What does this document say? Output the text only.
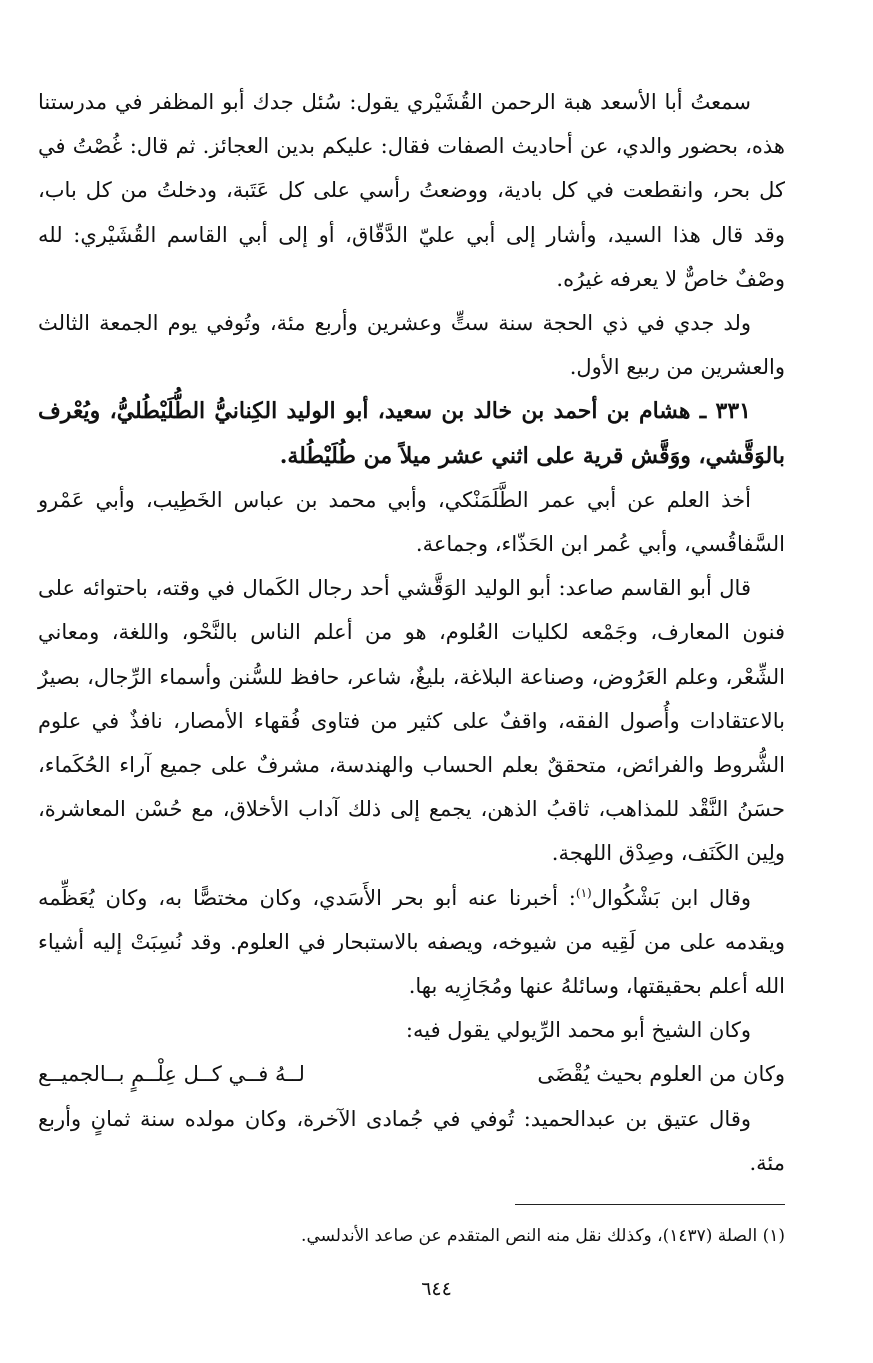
سمعتُ أبا الأسعد هبة الرحمن القُشَيْري يقول: سُئل جدك أبو المظفر في مدرستنا هذه، بحضور والدي، عن أحاديث الصفات فقال: عليكم بدين العجائز. ثم قال: غُصْتُ في كل بحر، وانقطعت في كل بادية، ووضعتُ رأسي على كل عَتَبة، ودخلتُ من كل باب، وقد قال هذا السيد، وأشار إلى أبي عليّ الدَّقّاق، أو إلى أبي القاسم القُشَيْري: لله وصْفٌ خاصٌّ لا يعرفه غيرُه.

ولد جدي في ذي الحجة سنة ستٍّ وعشرين وأربع مئة، وتُوفي يوم الجمعة الثالث والعشرين من ربيع الأول.

٣٣١ ـ هشام بن أحمد بن خالد بن سعيد، أبو الوليد الكِنانيُّ الطُّلَيْطُليُّ، ويُعْرف بالوَقَّشي، ووَقَّش قرية على اثني عشر ميلاً من طُلَيْطُلة.

أخذ العلم عن أبي عمر الطَّلَمَنْكي، وأبي محمد بن عباس الخَطِيب، وأبي عَمْرو السَّفاقُسي، وأبي عُمر ابن الحَذّاء، وجماعة.

قال أبو القاسم صاعد: أبو الوليد الوَقَّشي أحد رجال الكَمال في وقته، باحتوائه على فنون المعارف، وجَمْعه لكليات العُلوم، هو من أعلم الناس بالنَّحْو، واللغة، ومعاني الشِّعْر، وعلم العَرُوض، وصناعة البلاغة، بليغٌ، شاعر، حافظ للسُّنن وأسماء الرِّجال، بصيرٌ بالاعتقادات وأُصول الفقه، واقفٌ على كثير من فتاوى فُقهاء الأمصار، نافذٌ في علوم الشُّروط والفرائض، متحققٌ بعلم الحساب والهندسة، مشرفٌ على جميع آراء الحُكَماء، حسَنُ النَّقْد للمذاهب، ثاقبُ الذهن، يجمع إلى ذلك آداب الأخلاق، مع حُسْن المعاشرة، ولِين الكَنَف، وصِدْق اللهجة.

وقال ابن بَشْكُوال$^{(١)}$: أخبرنا عنه أبو بحر الأَسَدي، وكان مختصًّا به، وكان يُعَظِّمه ويقدمه على من لَقِيه من شيوخه، ويصفه بالاستبحار في العلوم. وقد نُسِبَتْ إليه أشياء الله أعلم بحقيقتها، وسائلهُ عنها ومُجَازِيه بها.

وكان الشيخ أبو محمد الرِّيولي يقول فيه:

وكان من العلوم بحيث يُقْضَى
لــهُ فــي كــل عِلْــمٍ بــالجميــع

وقال عتيق بن عبدالحميد: تُوفي في جُمادى الآخرة، وكان مولده سنة ثمانٍ وأربع مئة.

(١) الصلة (١٤٣٧)، وكذلك نقل منه النص المتقدم عن صاعد الأندلسي.

٦٤٤
